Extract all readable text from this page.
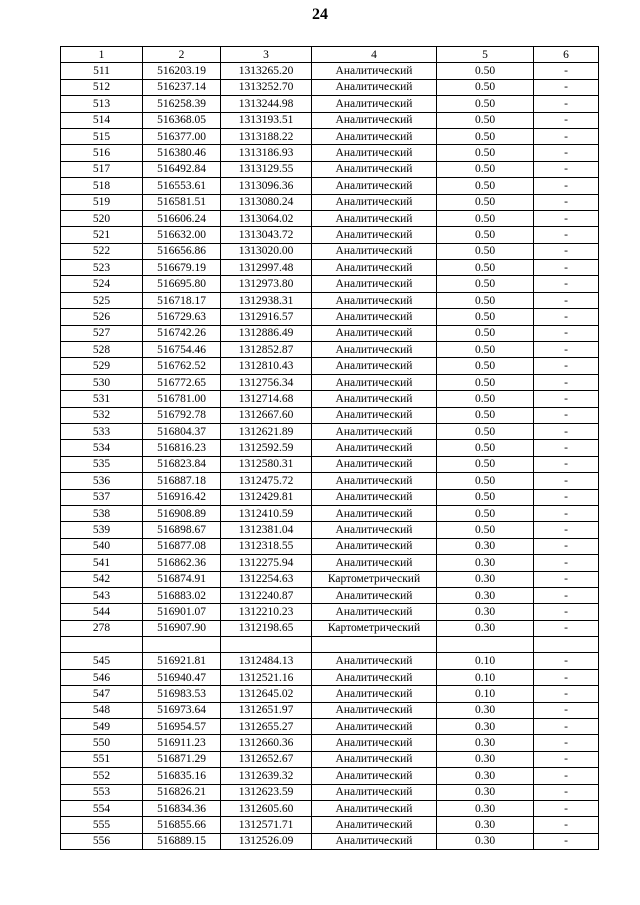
24
1	2	3	4	5	6
511	516203.19	1313265.20	Аналитический	0.50	-
512	516237.14	1313252.70	Аналитический	0.50	-
513	516258.39	1313244.98	Аналитический	0.50	-
514	516368.05	1313193.51	Аналитический	0.50	-
515	516377.00	1313188.22	Аналитический	0.50	-
516	516380.46	1313186.93	Аналитический	0.50	-
517	516492.84	1313129.55	Аналитический	0.50	-
518	516553.61	1313096.36	Аналитический	0.50	-
519	516581.51	1313080.24	Аналитический	0.50	-
520	516606.24	1313064.02	Аналитический	0.50	-
521	516632.00	1313043.72	Аналитический	0.50	-
522	516656.86	1313020.00	Аналитический	0.50	-
523	516679.19	1312997.48	Аналитический	0.50	-
524	516695.80	1312973.80	Аналитический	0.50	-
525	516718.17	1312938.31	Аналитический	0.50	-
526	516729.63	1312916.57	Аналитический	0.50	-
527	516742.26	1312886.49	Аналитический	0.50	-
528	516754.46	1312852.87	Аналитический	0.50	-
529	516762.52	1312810.43	Аналитический	0.50	-
530	516772.65	1312756.34	Аналитический	0.50	-
531	516781.00	1312714.68	Аналитический	0.50	-
532	516792.78	1312667.60	Аналитический	0.50	-
533	516804.37	1312621.89	Аналитический	0.50	-
534	516816.23	1312592.59	Аналитический	0.50	-
535	516823.84	1312580.31	Аналитический	0.50	-
536	516887.18	1312475.72	Аналитический	0.50	-
537	516916.42	1312429.81	Аналитический	0.50	-
538	516908.89	1312410.59	Аналитический	0.50	-
539	516898.67	1312381.04	Аналитический	0.50	-
540	516877.08	1312318.55	Аналитический	0.30	-
541	516862.36	1312275.94	Аналитический	0.30	-
542	516874.91	1312254.63	Картометрический	0.30	-
543	516883.02	1312240.87	Аналитический	0.30	-
544	516901.07	1312210.23	Аналитический	0.30	-
278	516907.90	1312198.65	Картометрический	0.30	-

545	516921.81	1312484.13	Аналитический	0.10	-
546	516940.47	1312521.16	Аналитический	0.10	-
547	516983.53	1312645.02	Аналитический	0.10	-
548	516973.64	1312651.97	Аналитический	0.30	-
549	516954.57	1312655.27	Аналитический	0.30	-
550	516911.23	1312660.36	Аналитический	0.30	-
551	516871.29	1312652.67	Аналитический	0.30	-
552	516835.16	1312639.32	Аналитический	0.30	-
553	516826.21	1312623.59	Аналитический	0.30	-
554	516834.36	1312605.60	Аналитический	0.30	-
555	516855.66	1312571.71	Аналитический	0.30	-
556	516889.15	1312526.09	Аналитический	0.30	-
